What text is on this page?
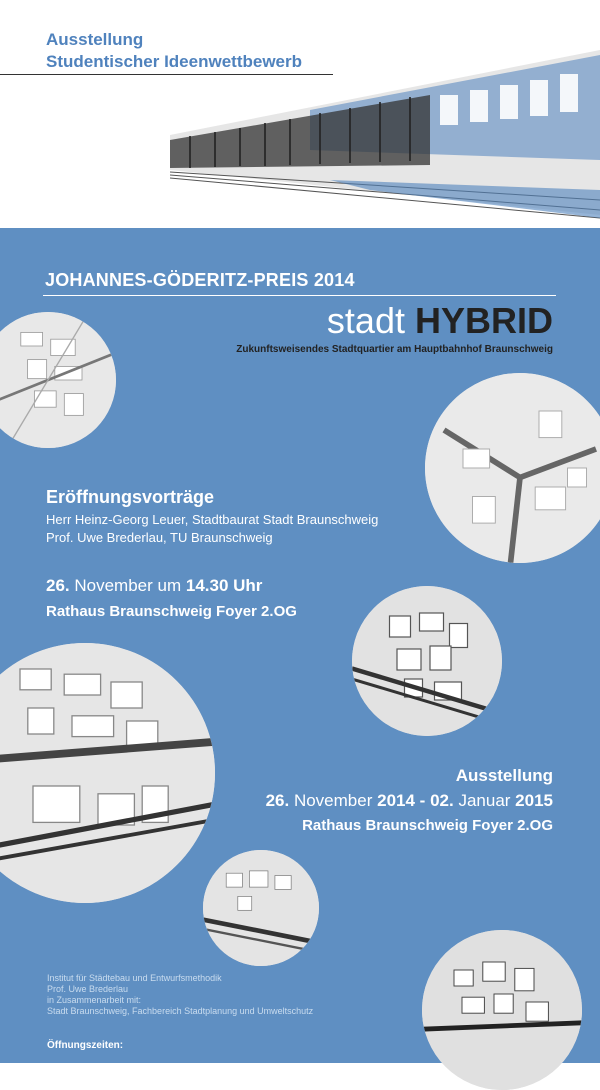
Ausstellung
Studentischer Ideenwettbewerb
JOHANNES-GÖDERITZ-PREIS 2014
stadt HYBRID
Zukunftsweisendes Stadtquartier am Hauptbahnhof Braunschweig
Eröffnungsvorträge
Herr Heinz-Georg Leuer, Stadtbaurat Stadt Braunschweig
Prof. Uwe Brederlau, TU Braunschweig
26. November um 14.30 Uhr
Rathaus Braunschweig Foyer 2.OG
Ausstellung
26. November 2014 - 02. Januar 2015
Rathaus Braunschweig Foyer 2.OG
Institut für Städtebau und Entwurfsmethodik
Prof. Uwe Brederlau
in Zusammenarbeit mit:
Stadt Braunschweig, Fachbereich Stadtplanung und Umweltschutz
Öffnungszeiten:
